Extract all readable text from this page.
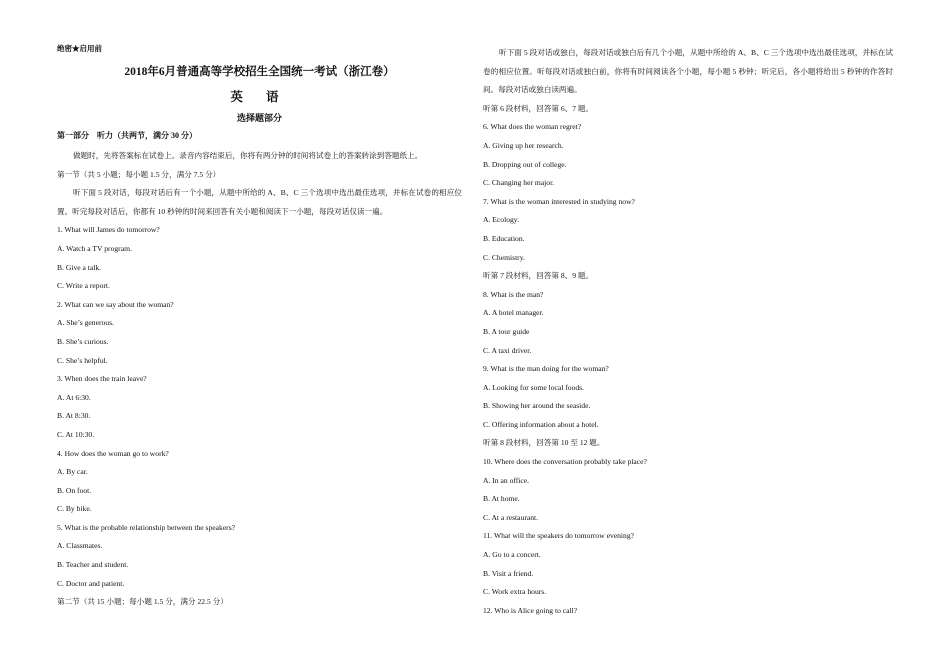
绝密★启用前

2018年6月普通高等学校招生全国统一考试（浙江卷）

英 语

选择题部分

第一部分　听力（共两节，满分 30 分）

做题时，先将答案标在试卷上。录音内容结束后，你将有两分钟的时间将试卷上的答案转涂到答题纸上。

第一节（共 5 小题；每小题 1.5 分，满分 7.5 分）

听下面 5 段对话，每段对话后有一个小题，从题中所给的 A、B、C 三个选项中选出最佳选项，并标在试卷的相应位置。听完每段对话后，你都有 10 秒钟的时间来回答有关小题和阅读下一小题，每段对话仅读一遍。

1. What will James do tomorrow?

A. Watch a TV program.

B. Give a talk.

C. Write a report.

2. What can we say about the woman?

A. She’s generous.

B. She’s curious.

C. She’s helpful.

3. When does the train leave?

A. At 6:30.

B. At 8:30.

C. At 10:30.

4. How does the woman go to work?

A. By car.

B. On foot.

C. By bike.

5. What is the probable relationship between the speakers?

A. Classmates.

B. Teacher and student.

C. Doctor and patient.

第二节（共 15 小题；每小题 1.5 分，满分 22.5 分）

听下面 5 段对话或独白，每段对话或独白后有几个小题，从题中所给的 A、B、C 三个选项中选出最佳选项，并标在试卷的相应位置。听每段对话或独白前，你将有时间阅读各个小题，每小题 5 秒钟；听完后，各小题将给出 5 秒钟的作答时间。每段对话或独白读两遍。

听第 6 段材料，回答第 6、7 题。

6. What does the woman regret?

A. Giving up her research.

B. Dropping out of college.

C. Changing her major.

7. What is the woman interested in studying now?

A. Ecology.

B. Education.

C. Chemistry.

听第 7 段材料，回答第 8、9 题。

8. What is the man?

A. A hotel manager.

B. A tour guide

C. A taxi driver.

9. What is the man doing for the woman?

A. Looking for some local foods.

B. Showing her around the seaside.

C. Offering information about a hotel.

听第 8 段材料，回答第 10 至 12 题。

10. Where does the conversation probably take place?

A. In an office.

B. At home.

C. At a restaurant.

11. What will the speakers do tomorrow evening?

A. Go to a concert.

B. Visit a friend.

C. Work extra hours.

12. Who is Alice going to call?
